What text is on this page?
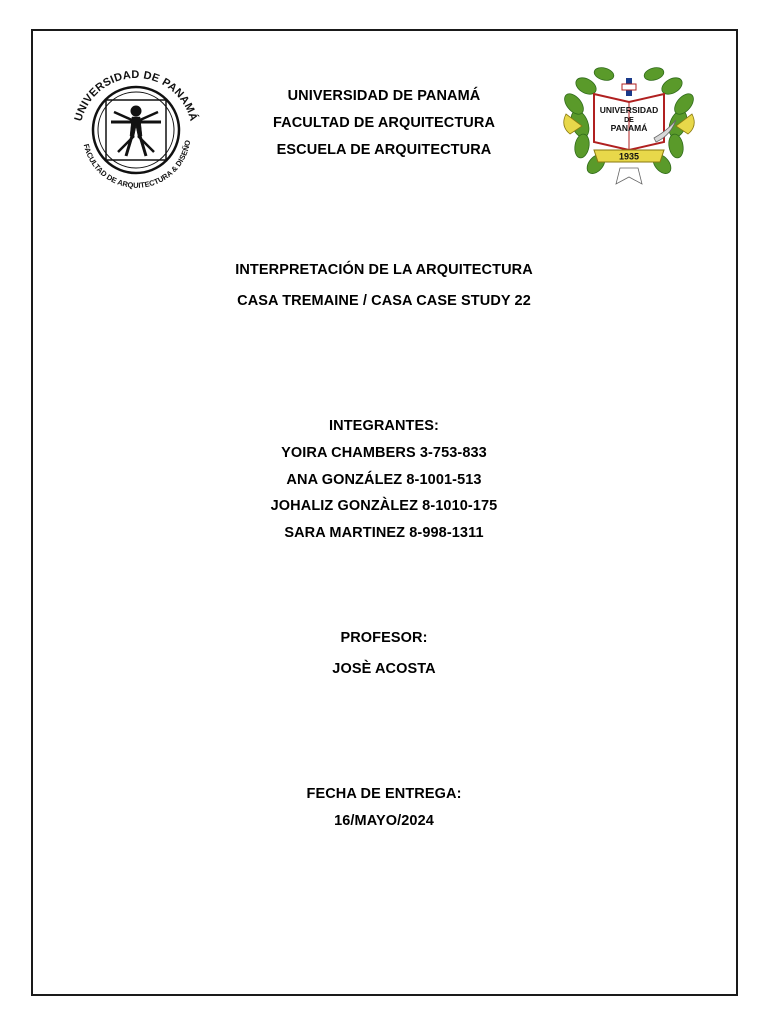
UNIVERSIDAD DE PANAMÁ
FACULTAD DE ARQUITECTURA & DISEÑO
UNIVERSIDAD
DE
PANAMÁ
1935
UNIVERSIDAD DE PANAMÁ
FACULTAD DE ARQUITECTURA
ESCUELA DE ARQUITECTURA
INTERPRETACIÓN DE LA ARQUITECTURA
CASA TREMAINE / CASA CASE STUDY 22
INTEGRANTES:
YOIRA CHAMBERS 3-753-833
ANA GONZÁLEZ 8-1001-513
JOHALIZ GONZÀLEZ 8-1010-175
SARA MARTINEZ 8-998-1311
PROFESOR:
JOSÈ ACOSTA
FECHA DE ENTREGA:
16/MAYO/2024
